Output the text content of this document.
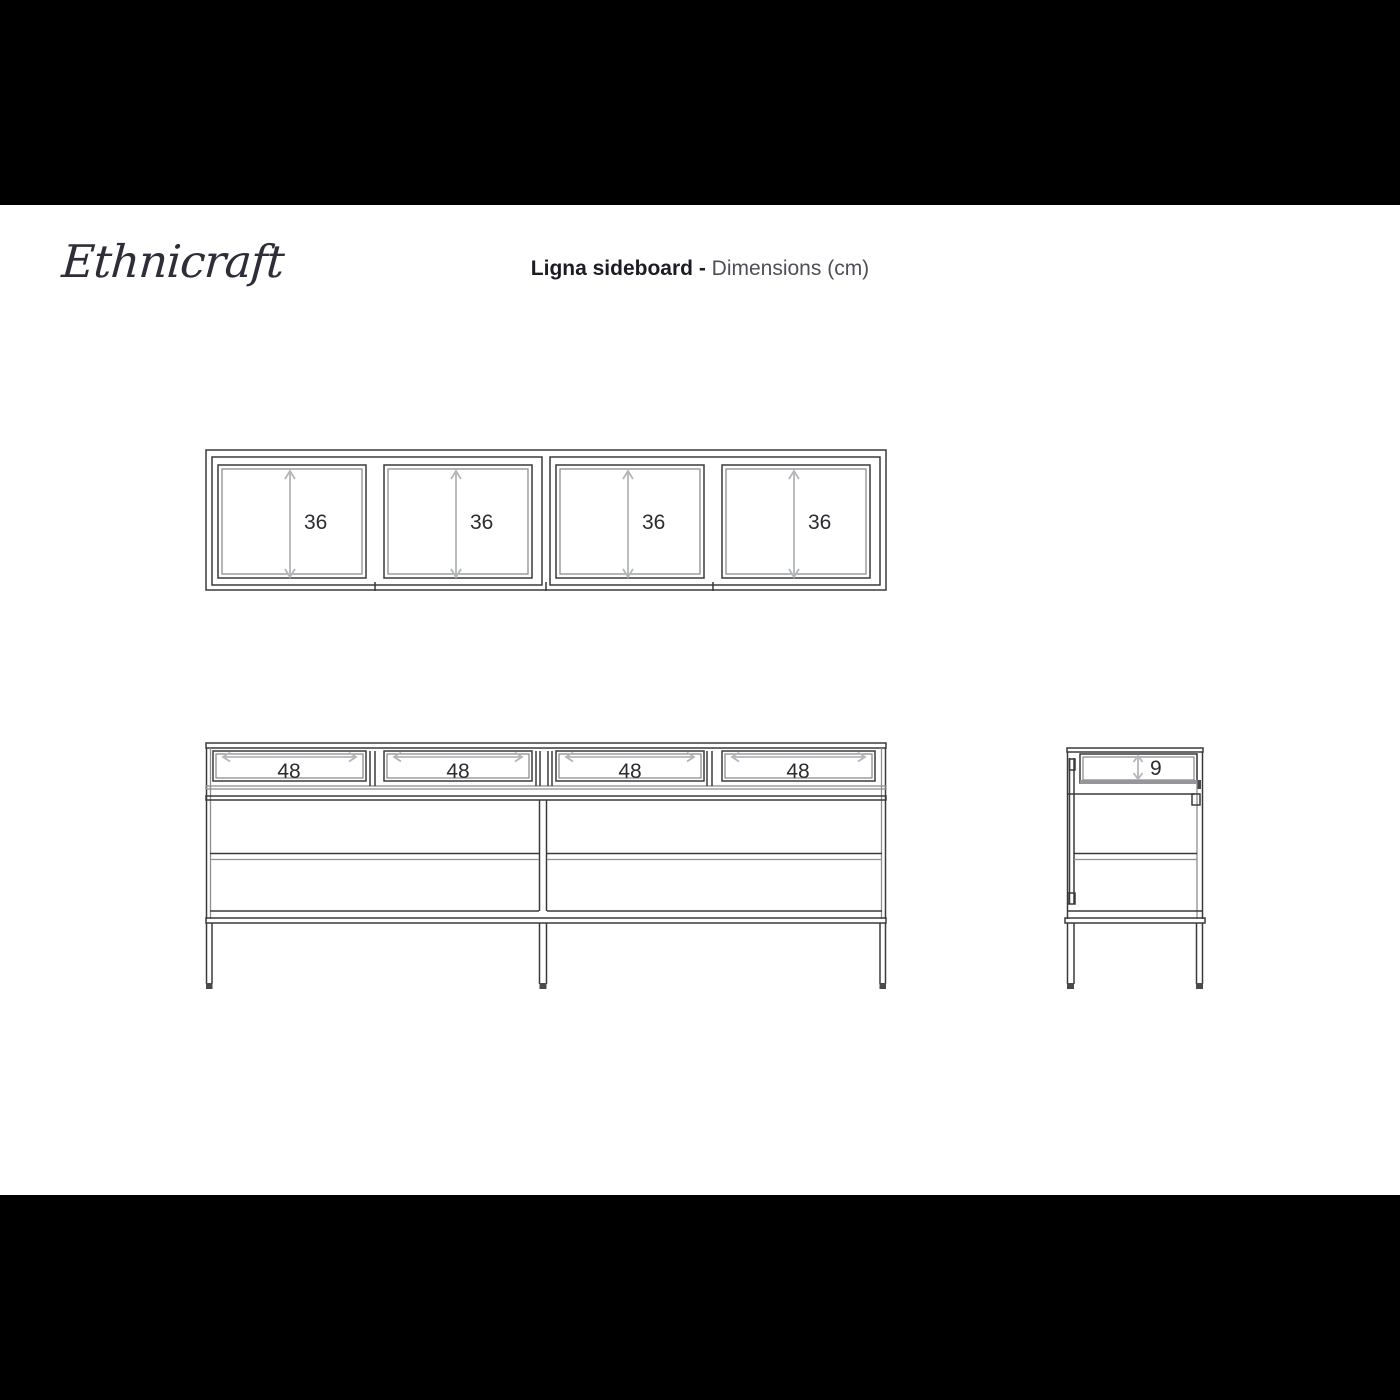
Ethnicraft	Ligna sideboard - Dimensions (cm)
36	36	36	36
48	48	48	48	9
